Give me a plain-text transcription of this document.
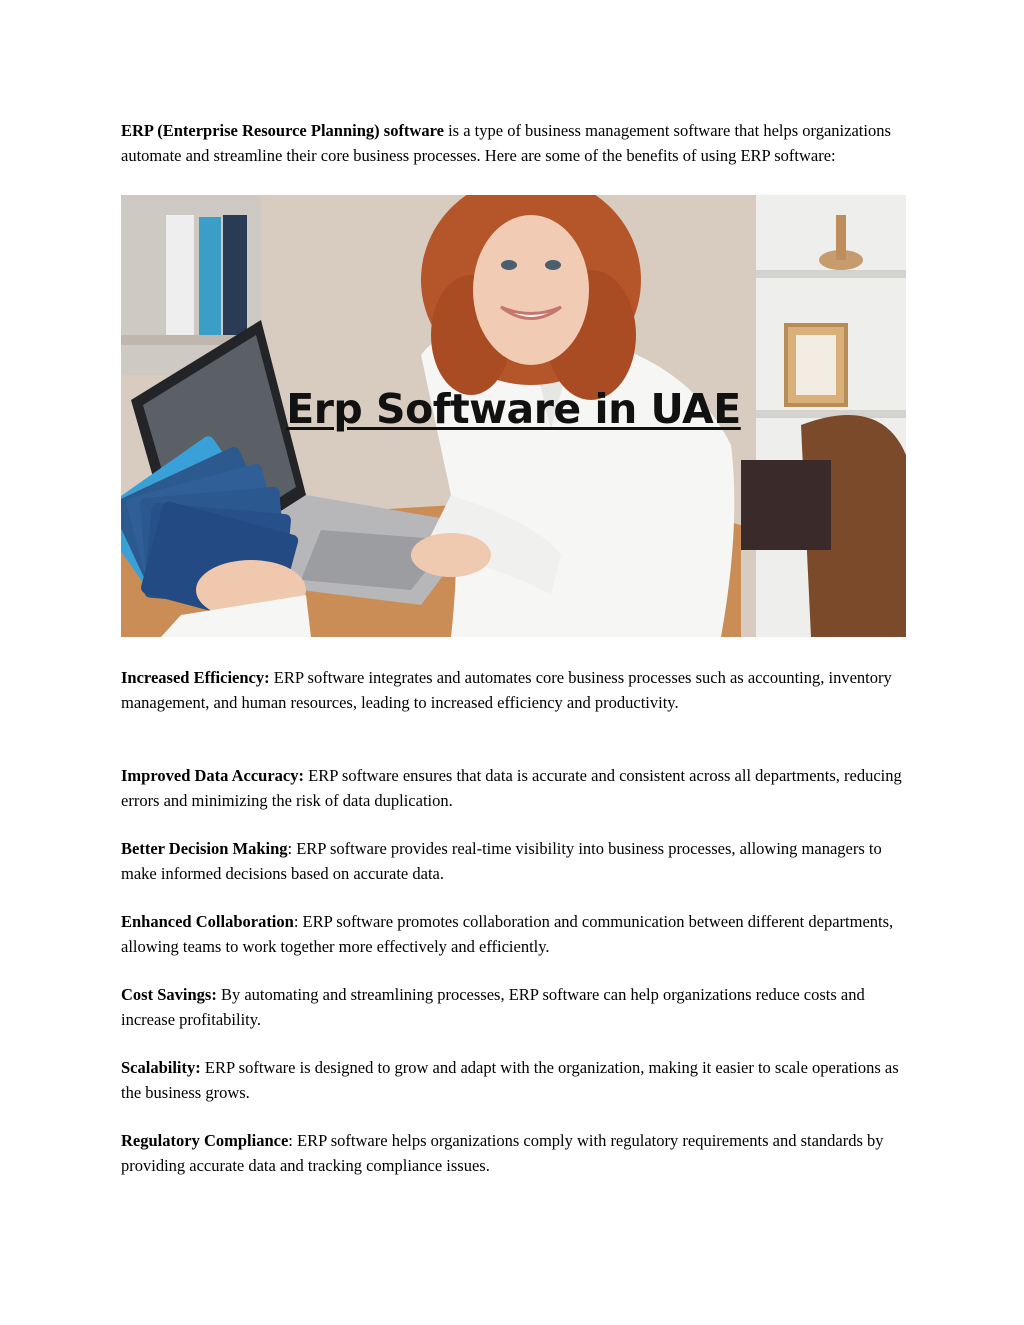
ERP (Enterprise Resource Planning) software is a type of business management software that helps organizations automate and streamline their core business processes. Here are some of the benefits of using ERP software:

Erp Software in UAE

Increased Efficiency: ERP software integrates and automates core business processes such as accounting, inventory management, and human resources, leading to increased efficiency and productivity.

Improved Data Accuracy: ERP software ensures that data is accurate and consistent across all departments, reducing errors and minimizing the risk of data duplication.

Better Decision Making: ERP software provides real-time visibility into business processes, allowing managers to make informed decisions based on accurate data.

Enhanced Collaboration: ERP software promotes collaboration and communication between different departments, allowing teams to work together more effectively and efficiently.

Cost Savings: By automating and streamlining processes, ERP software can help organizations reduce costs and increase profitability.

Scalability: ERP software is designed to grow and adapt with the organization, making it easier to scale operations as the business grows.

Regulatory Compliance: ERP software helps organizations comply with regulatory requirements and standards by providing accurate data and tracking compliance issues.
